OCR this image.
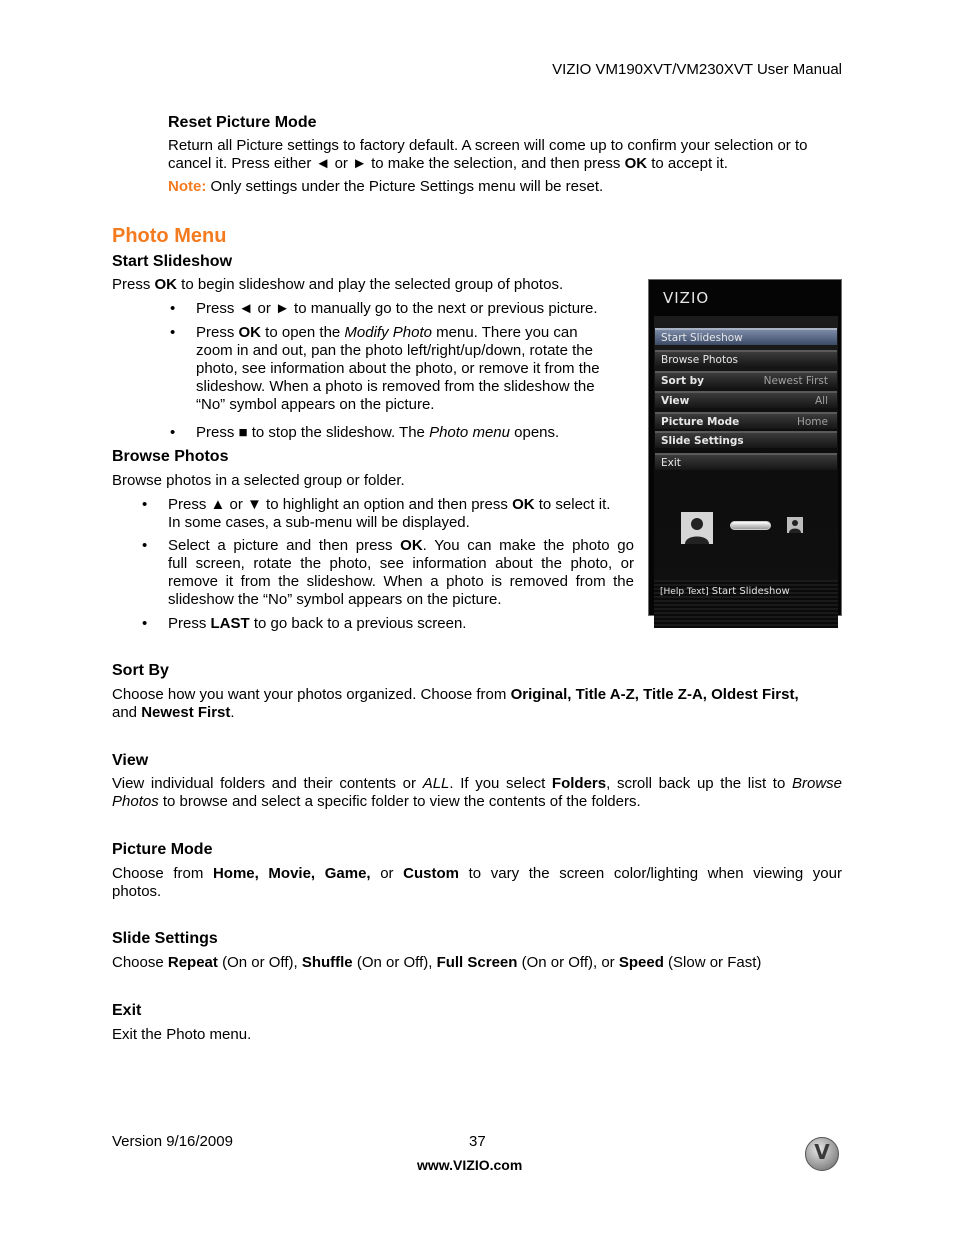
VIZIO VM190XVT/VM230XVT User Manual
Reset Picture Mode
Return all Picture settings to factory default. A screen will come up to confirm your selection or to
cancel it. Press either ◄ or ► to make the selection, and then press OK to accept it.
Note: Only settings under the Picture Settings menu will be reset.
Photo Menu
Start Slideshow
Press OK to begin slideshow and play the selected group of photos.
• Press ◄ or ► to manually go to the next or previous picture.
• Press OK to open the Modify Photo menu. There you can
zoom in and out, pan the photo left/right/up/down, rotate the
photo, see information about the photo, or remove it from the
slideshow. When a photo is removed from the slideshow the
“No” symbol appears on the picture.
• Press ■ to stop the slideshow. The Photo menu opens.
Browse Photos
Browse photos in a selected group or folder.
• Press ▲ or ▼ to highlight an option and then press OK to select it.
In some cases, a sub-menu will be displayed.
• Select a picture and then press OK. You can make the photo go
full screen, rotate the photo, see information about the photo, or
remove it from the slideshow. When a photo is removed from the
slideshow the “No” symbol appears on the picture.
• Press LAST to go back to a previous screen.
VIZIO
Start Slideshow
Browse Photos
Sort by	Newest First
View	All
Picture Mode	Home
Slide Settings
Exit
[Help Text] Start Slideshow
Sort By
Choose how you want your photos organized. Choose from Original, Title A-Z, Title Z-A, Oldest First,
and Newest First.
View
View individual folders and their contents or ALL. If you select Folders, scroll back up the list to Browse
Photos to browse and select a specific folder to view the contents of the folders.
Picture Mode
Choose from Home, Movie, Game, or Custom to vary the screen color/lighting when viewing your
photos.
Slide Settings
Choose Repeat (On or Off), Shuffle (On or Off), Full Screen (On or Off), or Speed (Slow or Fast)
Exit
Exit the Photo menu.
Version 9/16/2009	37
www.VIZIO.com
V
